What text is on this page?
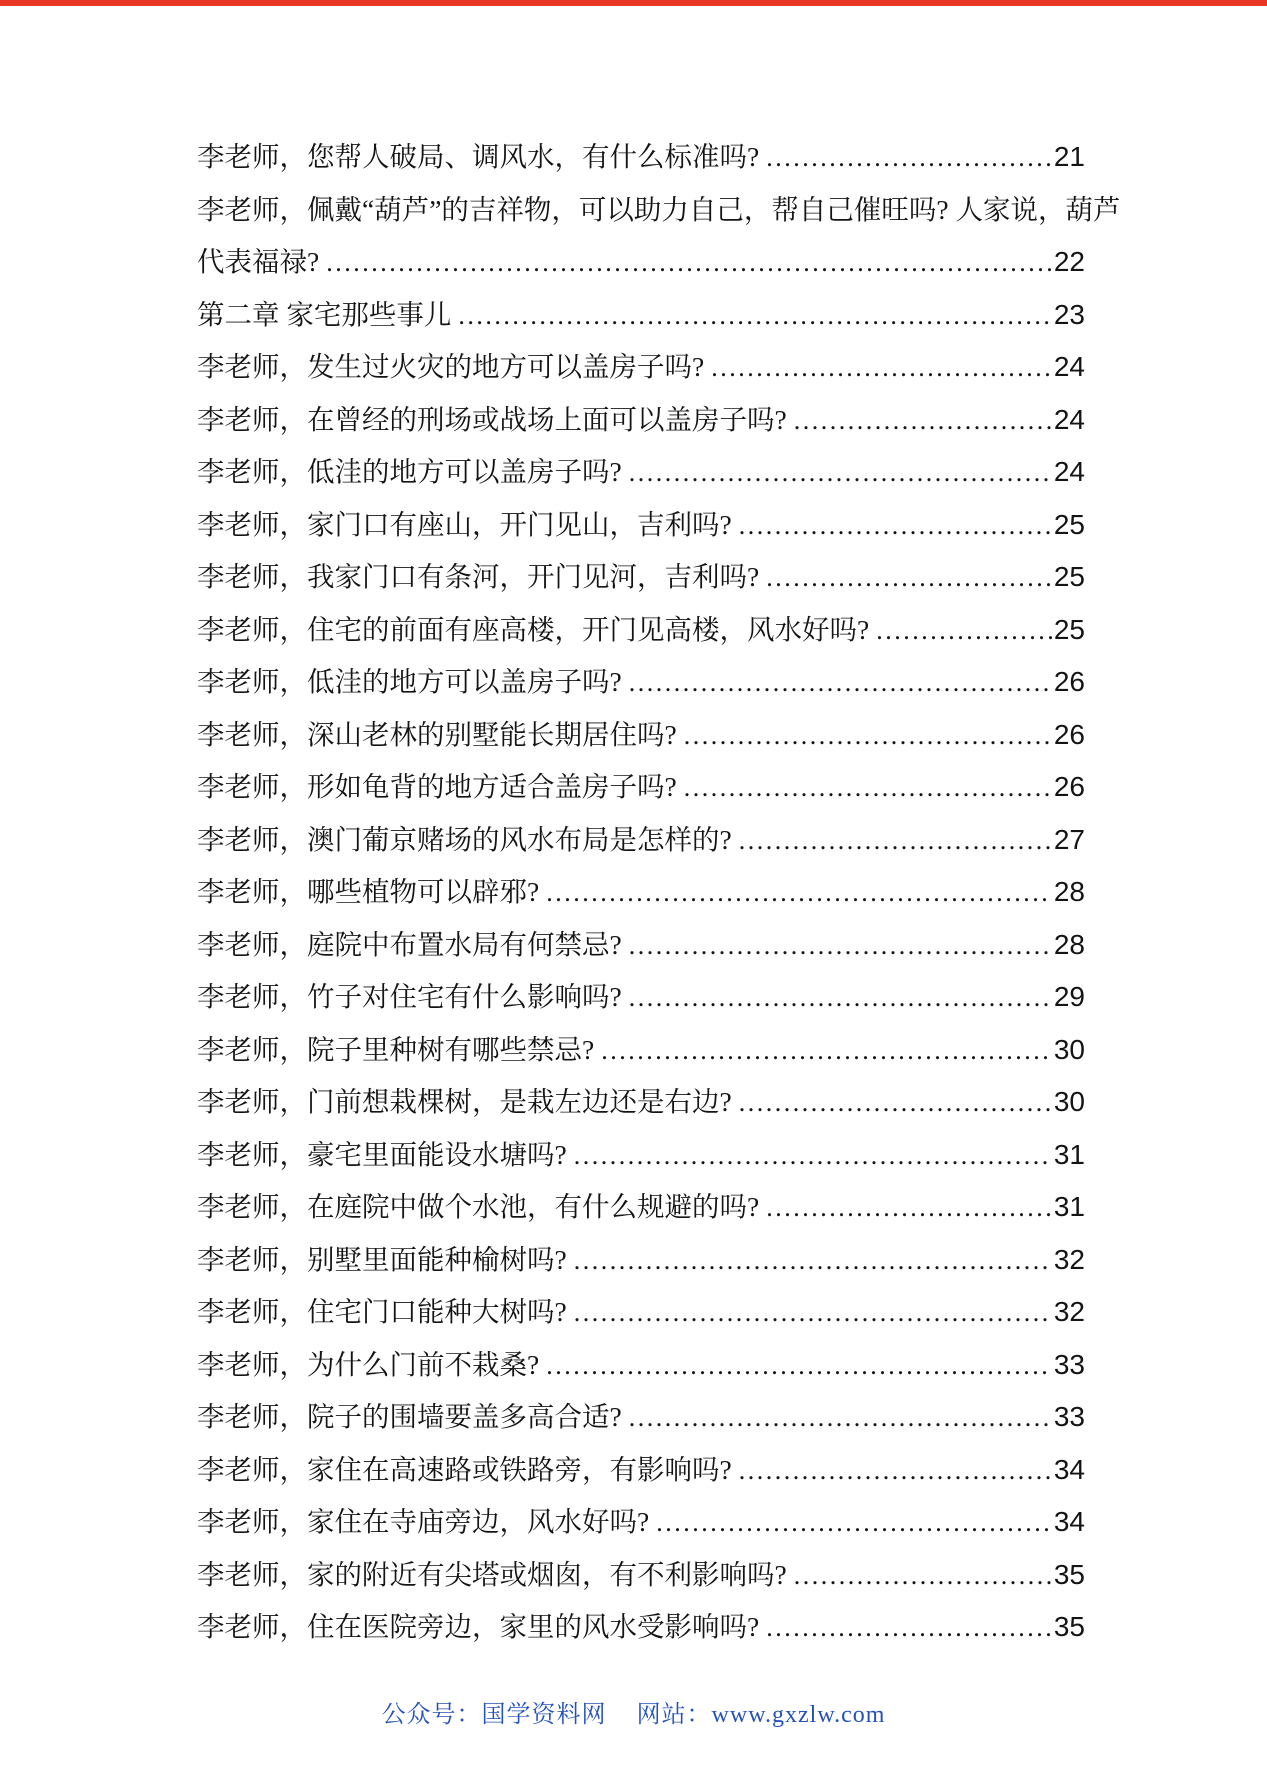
李老师，您帮人破局、调风水，有什么标准吗? .....	21
李老师，佩戴“葫芦”的吉祥物，可以助力自己，帮自己催旺吗? 人家说，葫芦
代表福禄? .....	22
第二章 家宅那些事儿 .....	23
李老师，发生过火灾的地方可以盖房子吗? .....	24
李老师，在曾经的刑场或战场上面可以盖房子吗? .....	24
李老师，低洼的地方可以盖房子吗? .....	24
李老师，家门口有座山，开门见山，吉利吗? .....	25
李老师，我家门口有条河，开门见河，吉利吗? .....	25
李老师，住宅的前面有座高楼，开门见高楼，风水好吗? .....	25
李老师，低洼的地方可以盖房子吗? .....	26
李老师，深山老林的别墅能长期居住吗? .....	26
李老师，形如龟背的地方适合盖房子吗? .....	26
李老师，澳门葡京赌场的风水布局是怎样的? .....	27
李老师，哪些植物可以辟邪? .....	28
李老师，庭院中布置水局有何禁忌? .....	28
李老师，竹子对住宅有什么影响吗? .....	29
李老师，院子里种树有哪些禁忌? .....	30
李老师，门前想栽棵树，是栽左边还是右边? .....	30
李老师，豪宅里面能设水塘吗? .....	31
李老师，在庭院中做个水池，有什么规避的吗? .....	31
李老师，别墅里面能种榆树吗? .....	32
李老师，住宅门口能种大树吗? .....	32
李老师，为什么门前不栽桑? .....	33
李老师，院子的围墙要盖多高合适? .....	33
李老师，家住在高速路或铁路旁，有影响吗? .....	34
李老师，家住在寺庙旁边，风水好吗? .....	34
李老师，家的附近有尖塔或烟囱，有不利影响吗? .....	35
李老师，住在医院旁边，家里的风水受影响吗? .....	35
公众号：国学资料网 网站：www.gxzlw.com
